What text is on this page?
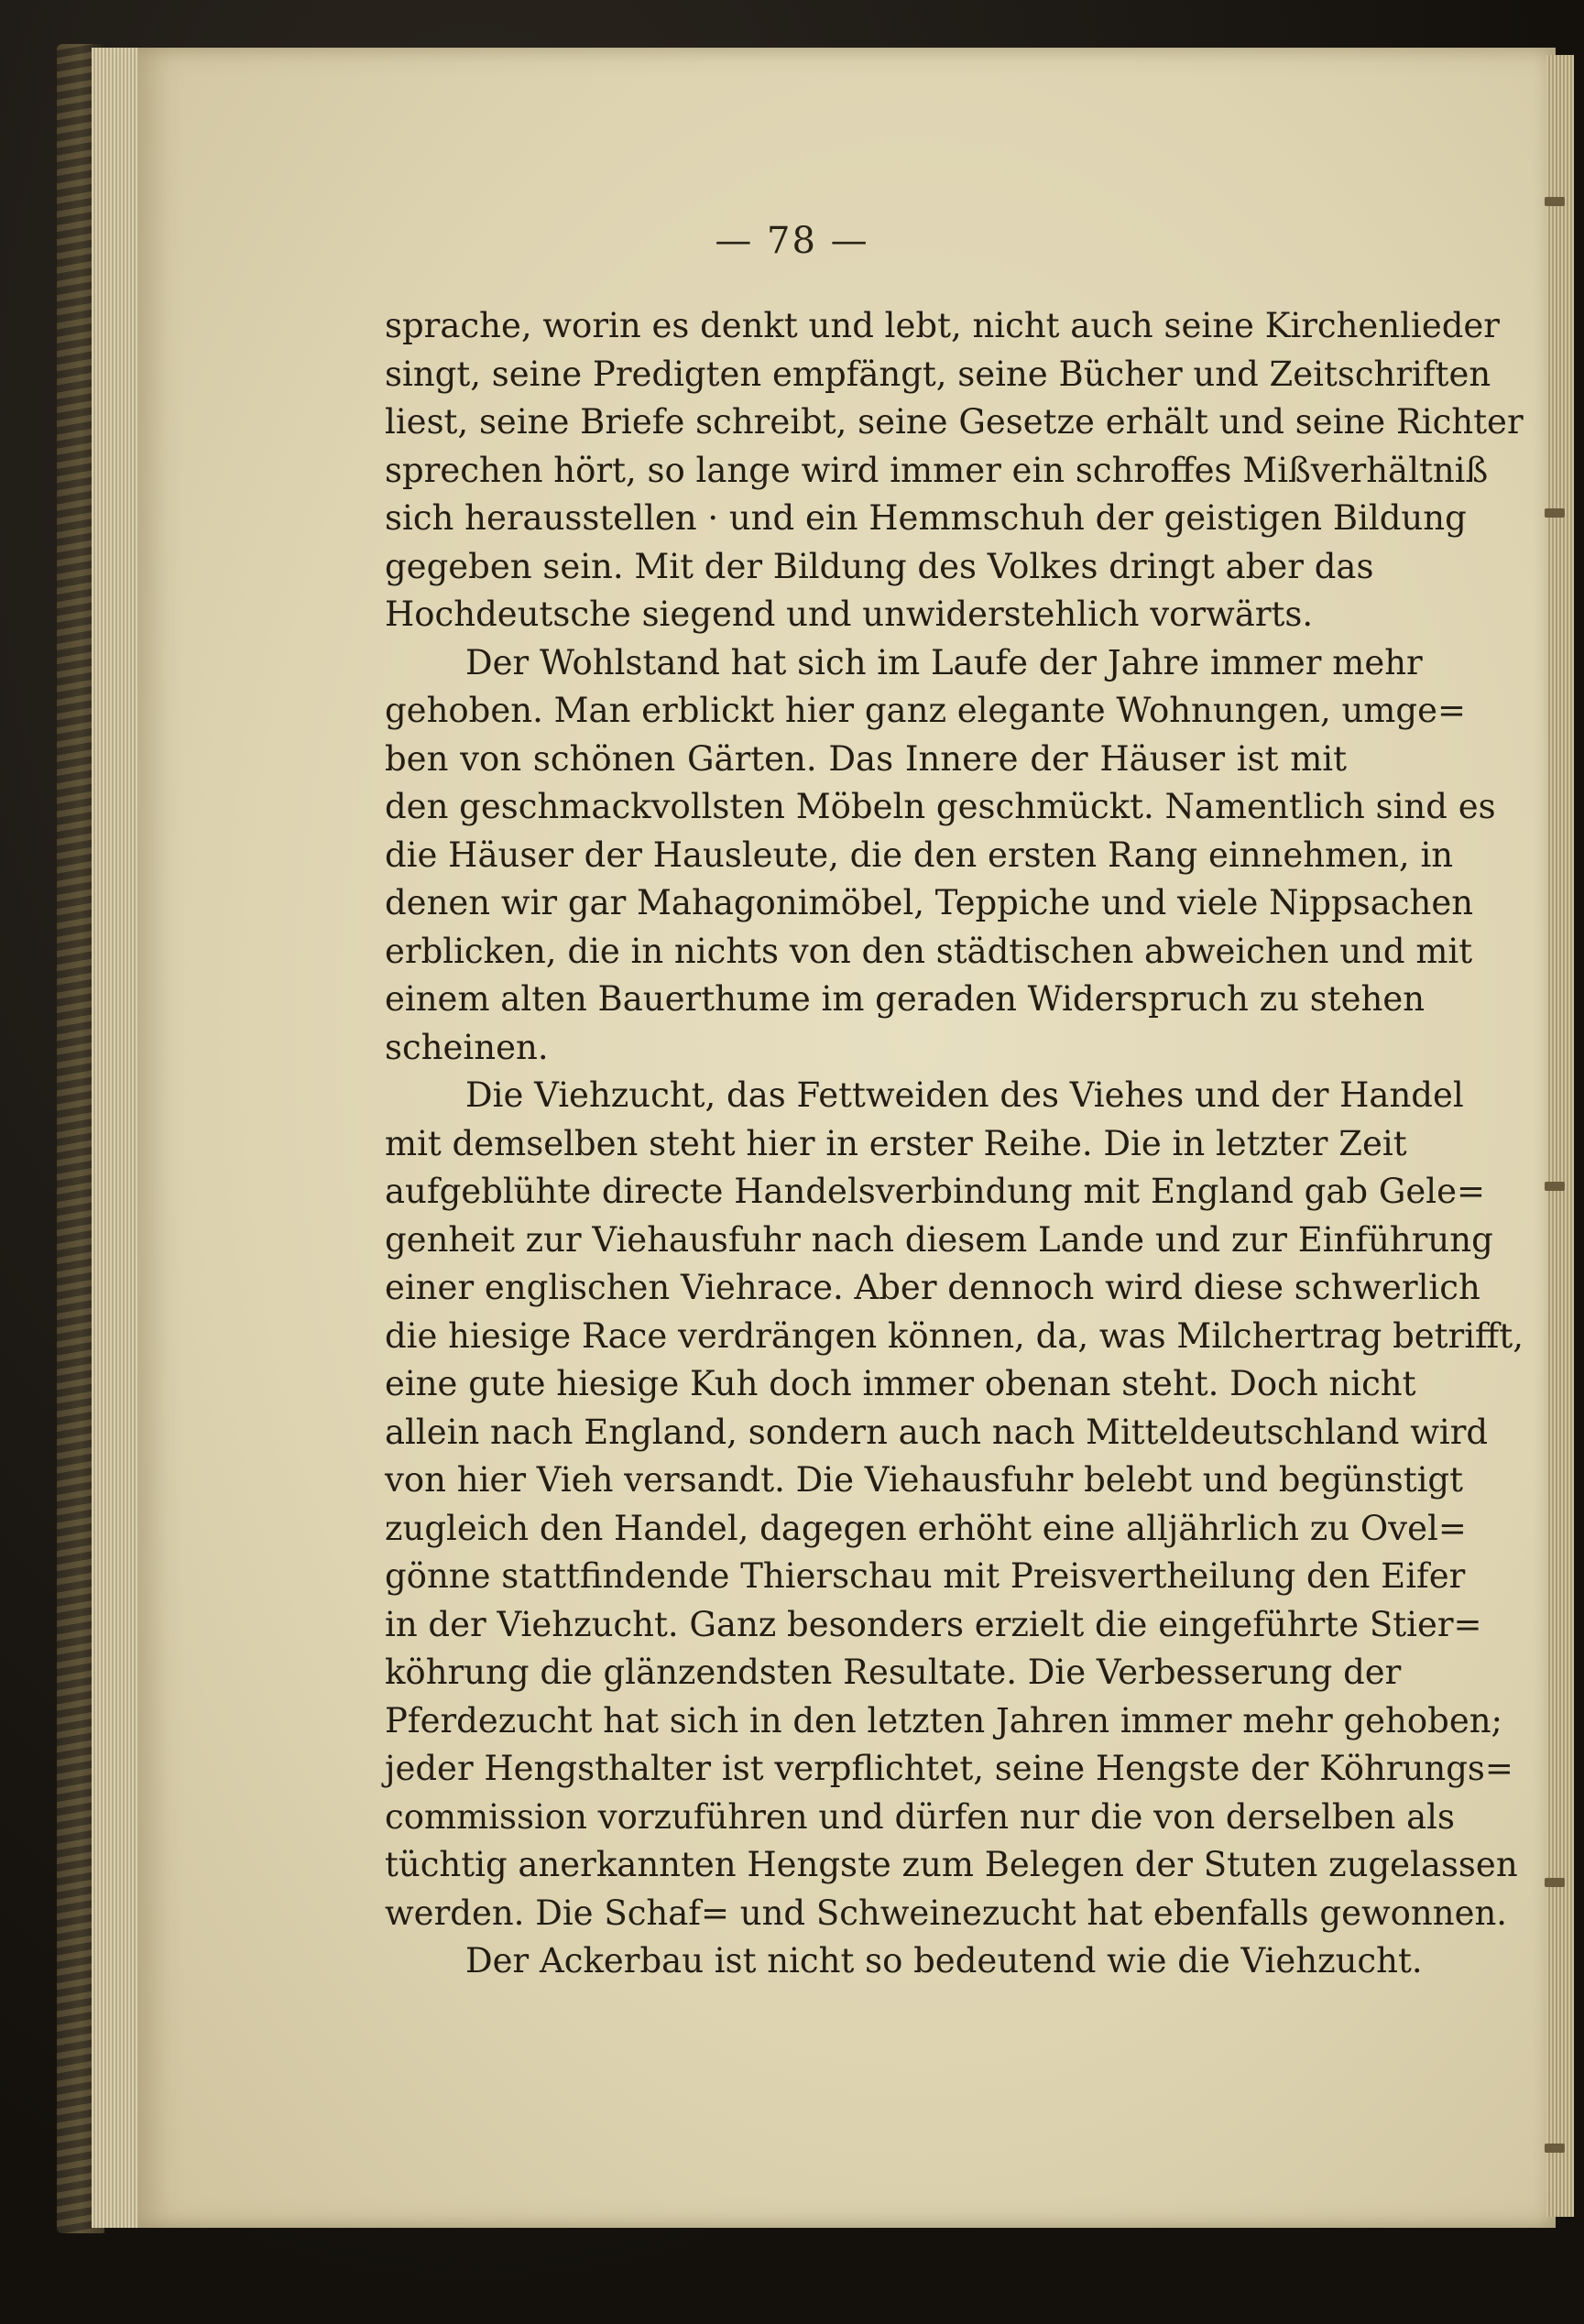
— 78 —
sprache, worin es denkt und lebt, nicht auch seine Kirchenlieder
singt, seine Predigten empfängt, seine Bücher und Zeitschriften
liest, seine Briefe schreibt, seine Gesetze erhält und seine Richter
sprechen hört, so lange wird immer ein schroffes Mißverhältniß
sich herausstellen · und ein Hemmschuh der geistigen Bildung
gegeben sein. Mit der Bildung des Volkes dringt aber das
Hochdeutsche siegend und unwiderstehlich vorwärts.
Der Wohlstand hat sich im Laufe der Jahre immer mehr
gehoben. Man erblickt hier ganz elegante Wohnungen, umge=
ben von schönen Gärten. Das Innere der Häuser ist mit
den geschmackvollsten Möbeln geschmückt. Namentlich sind es
die Häuser der Hausleute, die den ersten Rang einnehmen, in
denen wir gar Mahagonimöbel, Teppiche und viele Nippsachen
erblicken, die in nichts von den städtischen abweichen und mit
einem alten Bauerthume im geraden Widerspruch zu stehen
scheinen.
Die Viehzucht, das Fettweiden des Viehes und der Handel
mit demselben steht hier in erster Reihe. Die in letzter Zeit
aufgeblühte directe Handelsverbindung mit England gab Gele=
genheit zur Viehausfuhr nach diesem Lande und zur Einführung
einer englischen Viehrace. Aber dennoch wird diese schwerlich
die hiesige Race verdrängen können, da, was Milchertrag betrifft,
eine gute hiesige Kuh doch immer obenan steht. Doch nicht
allein nach England, sondern auch nach Mitteldeutschland wird
von hier Vieh versandt. Die Viehausfuhr belebt und begünstigt
zugleich den Handel, dagegen erhöht eine alljährlich zu Ovel=
gönne stattfindende Thierschau mit Preisvertheilung den Eifer
in der Viehzucht. Ganz besonders erzielt die eingeführte Stier=
köhrung die glänzendsten Resultate. Die Verbesserung der
Pferdezucht hat sich in den letzten Jahren immer mehr gehoben;
jeder Hengsthalter ist verpflichtet, seine Hengste der Köhrungs=
commission vorzuführen und dürfen nur die von derselben als
tüchtig anerkannten Hengste zum Belegen der Stuten zugelassen
werden. Die Schaf= und Schweinezucht hat ebenfalls gewonnen.
Der Ackerbau ist nicht so bedeutend wie die Viehzucht.
